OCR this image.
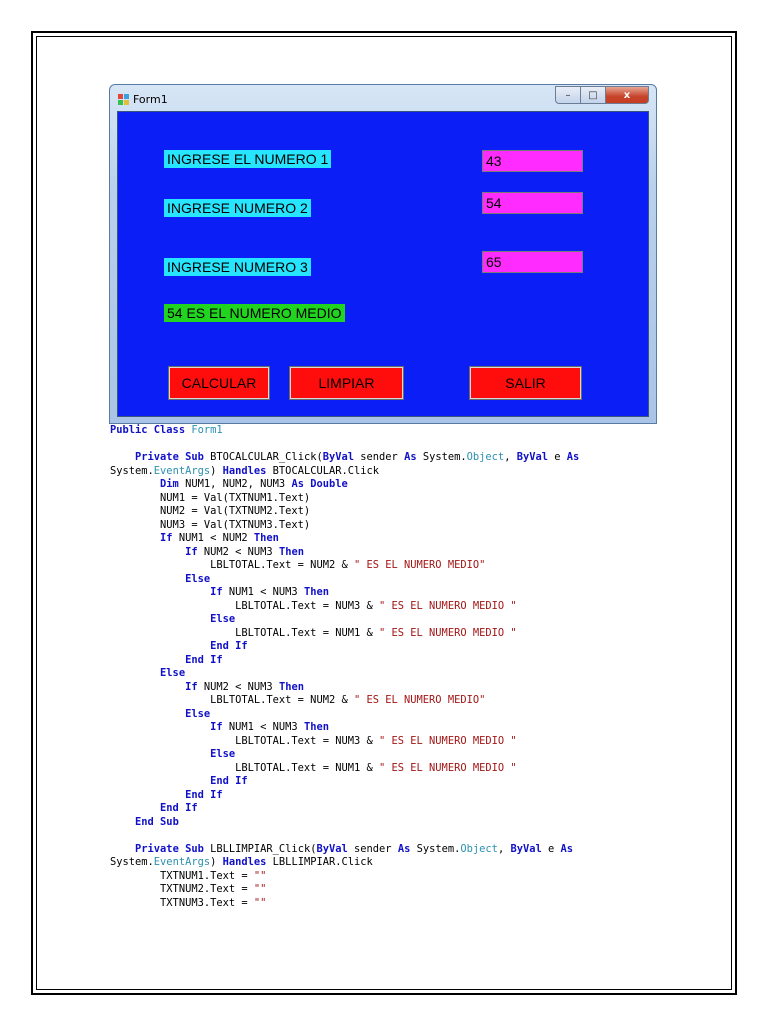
Form1	– □	x
INGRESE EL NUMERO 1
INGRESE NUMERO 2
INGRESE NUMERO 3
54 ES EL NUMERO MEDIO
43
54
65
CALCULAR	LIMPIAR	SALIR
Public Class Form1

Private Sub BTOCALCULAR_Click(ByVal sender As System.Object, ByVal e As
System.EventArgs) Handles BTOCALCULAR.Click
Dim NUM1, NUM2, NUM3 As Double
NUM1 = Val(TXTNUM1.Text)
NUM2 = Val(TXTNUM2.Text)
NUM3 = Val(TXTNUM3.Text)
If NUM1 < NUM2 Then
If NUM2 < NUM3 Then
LBLTOTAL.Text = NUM2 & " ES EL NUMERO MEDIO"
Else
If NUM1 < NUM3 Then
LBLTOTAL.Text = NUM3 & " ES EL NUMERO MEDIO "
Else
LBLTOTAL.Text = NUM1 & " ES EL NUMERO MEDIO "
End If
End If
Else
If NUM2 < NUM3 Then
LBLTOTAL.Text = NUM2 & " ES EL NUMERO MEDIO"
Else
If NUM1 < NUM3 Then
LBLTOTAL.Text = NUM3 & " ES EL NUMERO MEDIO "
Else
LBLTOTAL.Text = NUM1 & " ES EL NUMERO MEDIO "
End If
End If
End If
End Sub

Private Sub LBLLIMPIAR_Click(ByVal sender As System.Object, ByVal e As
System.EventArgs) Handles LBLLIMPIAR.Click
TXTNUM1.Text = ""
TXTNUM2.Text = ""
TXTNUM3.Text = ""
